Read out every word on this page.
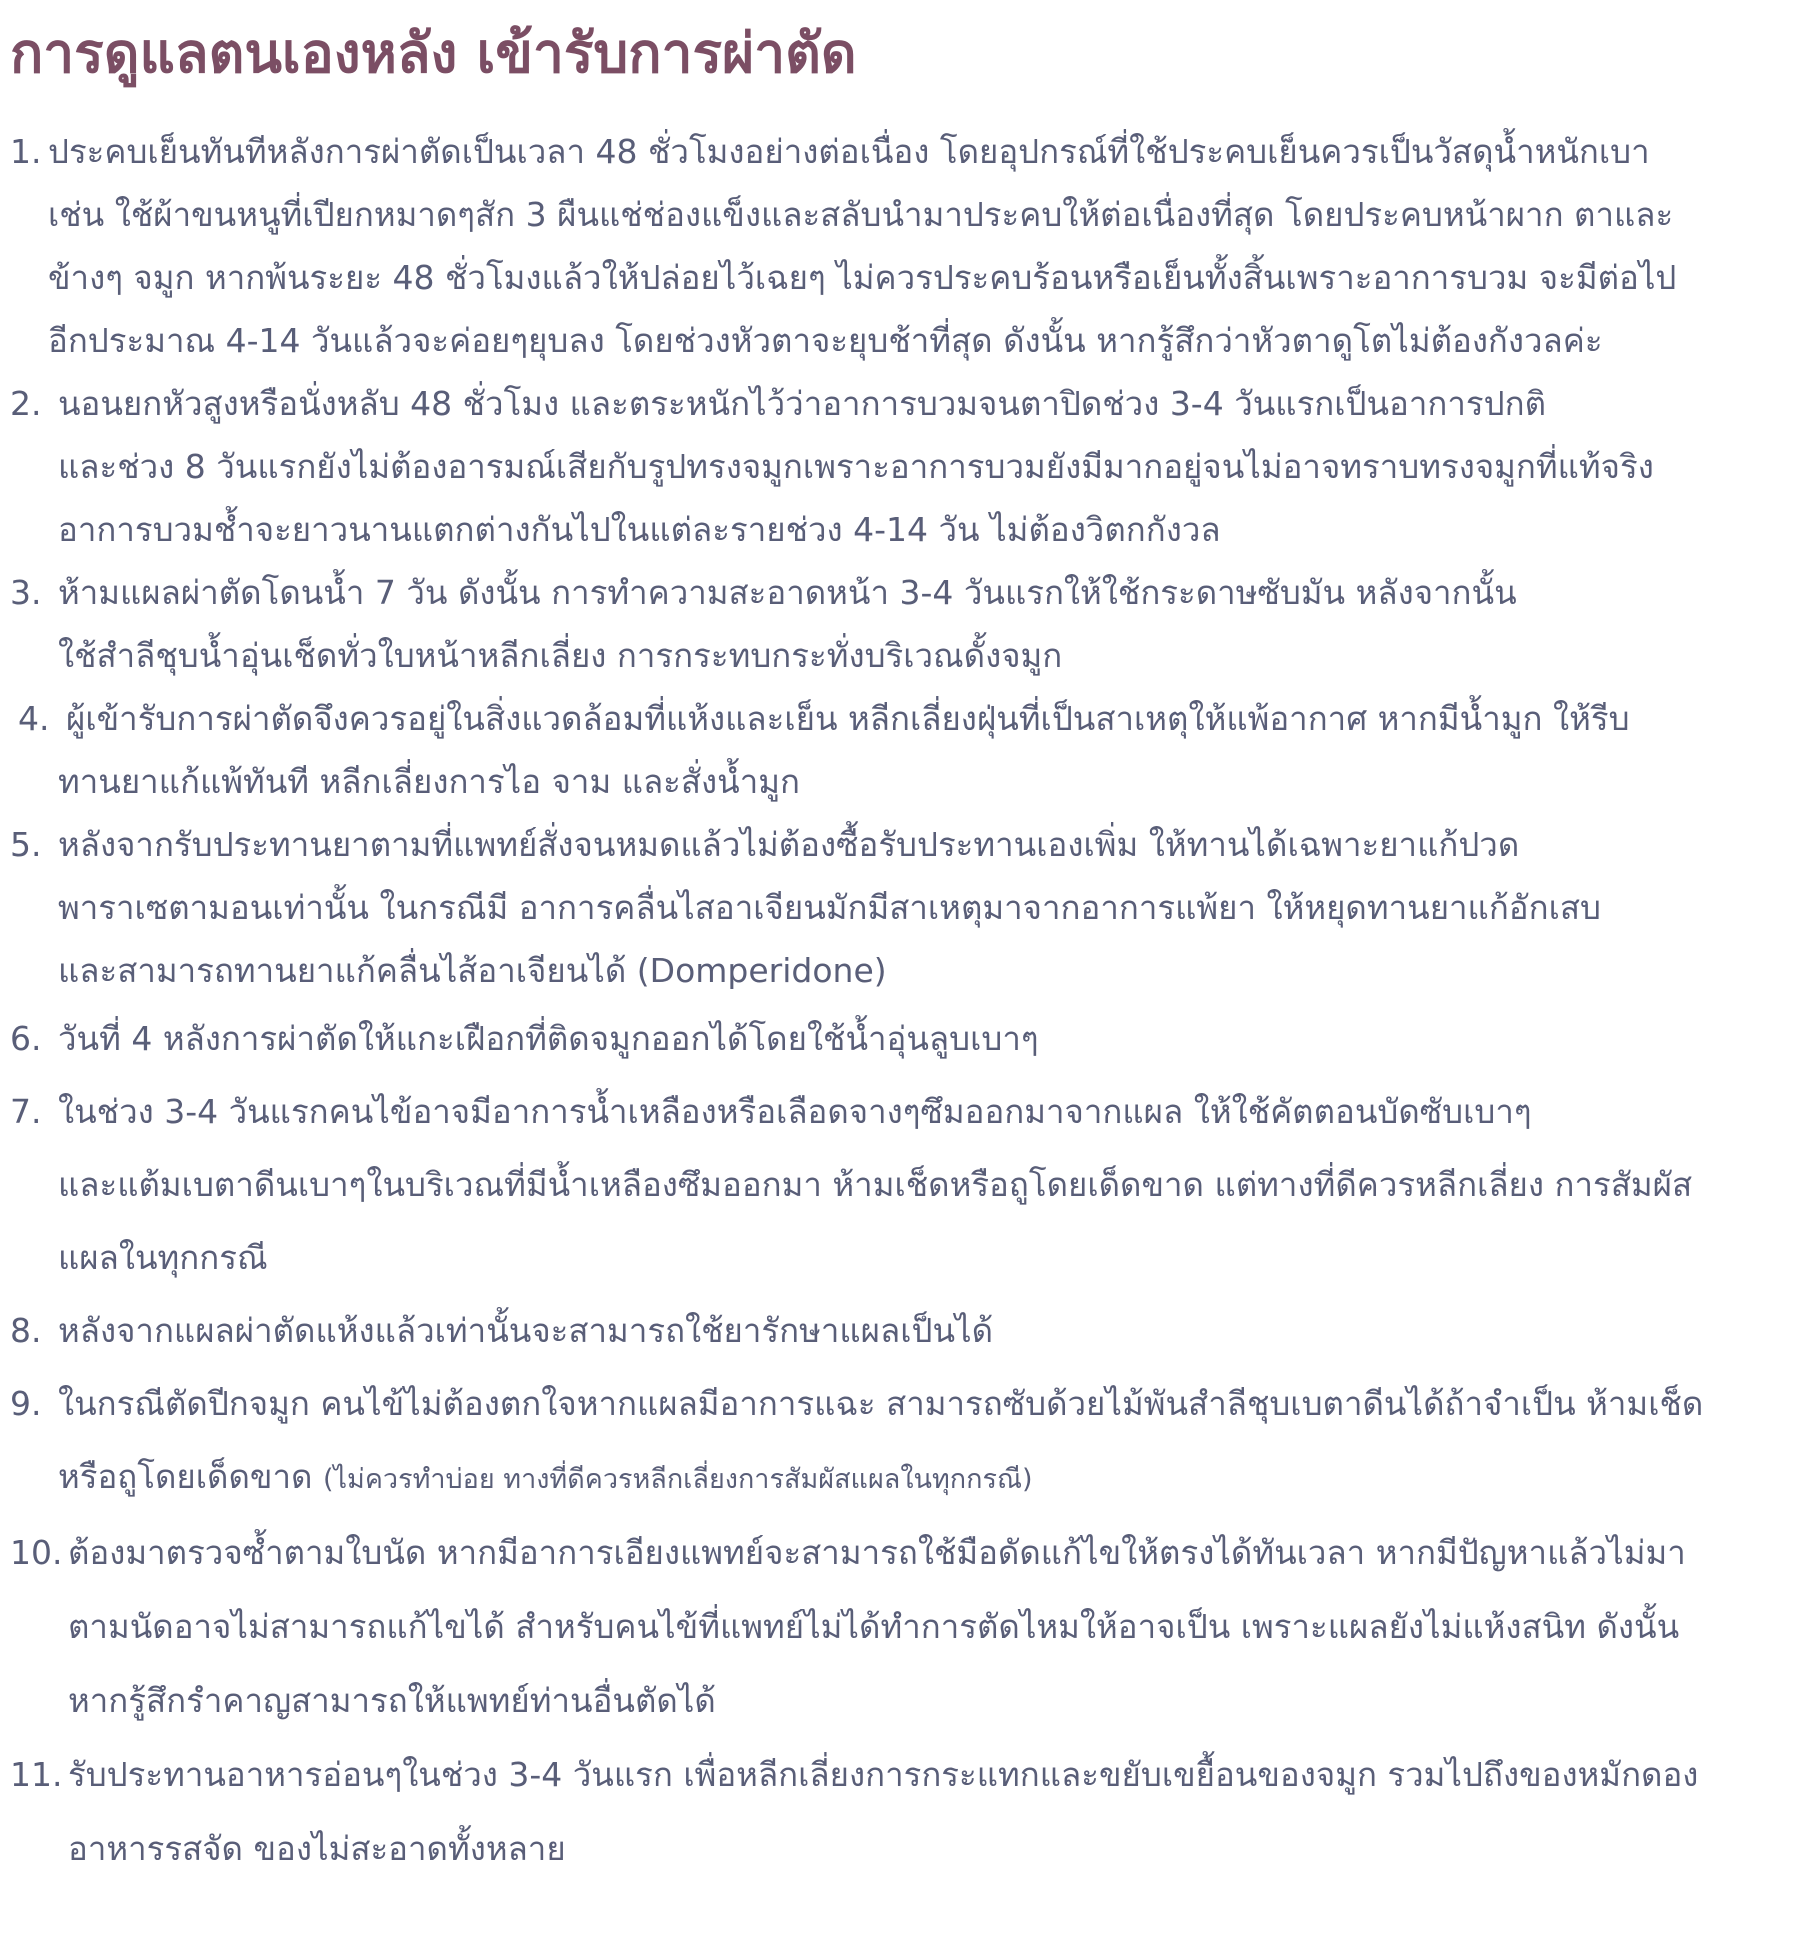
การดูแลตนเองหลัง เข้ารับการผ่าตัด
1. ประคบเย็นทันทีหลังการผ่าตัดเป็นเวลา 48 ชั่วโมงอย่างต่อเนื่อง โดยอุปกรณ์ที่ใช้ประคบเย็นควรเป็นวัสดุน้ำหนักเบา
เช่น ใช้ผ้าขนหนูที่เปียกหมาดๆสัก 3 ผืนแช่ช่องแข็งและสลับนำมาประคบให้ต่อเนื่องที่สุด โดยประคบหน้าผาก ตาและ
ข้างๆ จมูก หากพ้นระยะ 48 ชั่วโมงแล้วให้ปล่อยไว้เฉยๆ ไม่ควรประคบร้อนหรือเย็นทั้งสิ้นเพราะอาการบวม จะมีต่อไป
อีกประมาณ 4-14 วันแล้วจะค่อยๆยุบลง โดยช่วงหัวตาจะยุบช้าที่สุด ดังนั้น หากรู้สึกว่าหัวตาดูโตไม่ต้องกังวลค่ะ
2. นอนยกหัวสูงหรือนั่งหลับ 48 ชั่วโมง และตระหนักไว้ว่าอาการบวมจนตาปิดช่วง 3-4 วันแรกเป็นอาการปกติ
และช่วง 8 วันแรกยังไม่ต้องอารมณ์เสียกับรูปทรงจมูกเพราะอาการบวมยังมีมากอยู่จนไม่อาจทราบทรงจมูกที่แท้จริง
อาการบวมช้ำจะยาวนานแตกต่างกันไปในแต่ละรายช่วง 4-14 วัน ไม่ต้องวิตกกังวล
3. ห้ามแผลผ่าตัดโดนน้ำ 7 วัน ดังนั้น การทำความสะอาดหน้า 3-4 วันแรกให้ใช้กระดาษซับมัน หลังจากนั้น
ใช้สำลีชุบน้ำอุ่นเช็ดทั่วใบหน้าหลีกเลี่ยง การกระทบกระทั่งบริเวณดั้งจมูก
4. ผู้เข้ารับการผ่าตัดจึงควรอยู่ในสิ่งแวดล้อมที่แห้งและเย็น หลีกเลี่ยงฝุ่นที่เป็นสาเหตุให้แพ้อากาศ หากมีน้ำมูก ให้รีบ
ทานยาแก้แพ้ทันที หลีกเลี่ยงการไอ จาม และสั่งน้ำมูก
5. หลังจากรับประทานยาตามที่แพทย์สั่งจนหมดแล้วไม่ต้องซื้อรับประทานเองเพิ่ม ให้ทานได้เฉพาะยาแก้ปวด
พาราเซตามอนเท่านั้น ในกรณีมี อาการคลื่นไสอาเจียนมักมีสาเหตุมาจากอาการแพ้ยา ให้หยุดทานยาแก้อักเสบ
และสามารถทานยาแก้คลื่นไส้อาเจียนได้ (Domperidone)
6. วันที่ 4 หลังการผ่าตัดให้แกะเฝือกที่ติดจมูกออกได้โดยใช้น้ำอุ่นลูบเบาๆ
7. ในช่วง 3-4 วันแรกคนไข้อาจมีอาการน้ำเหลืองหรือเลือดจางๆซึมออกมาจากแผล ให้ใช้คัตตอนบัดซับเบาๆ
และแต้มเบตาดีนเบาๆในบริเวณที่มีน้ำเหลืองซึมออกมา ห้ามเช็ดหรือถูโดยเด็ดขาด แต่ทางที่ดีควรหลีกเลี่ยง การสัมผัส
แผลในทุกกรณี
8. หลังจากแผลผ่าตัดแห้งแล้วเท่านั้นจะสามารถใช้ยารักษาแผลเป็นได้
9. ในกรณีตัดปีกจมูก คนไข้ไม่ต้องตกใจหากแผลมีอาการแฉะ สามารถซับด้วยไม้พันสำลีชุบเบตาดีนได้ถ้าจำเป็น ห้ามเช็ด
หรือถูโดยเด็ดขาด (ไม่ควรทำบ่อย ทางที่ดีควรหลีกเลี่ยงการสัมผัสแผลในทุกกรณี)
10. ต้องมาตรวจซ้ำตามใบนัด หากมีอาการเอียงแพทย์จะสามารถใช้มือดัดแก้ไขให้ตรงได้ทันเวลา หากมีปัญหาแล้วไม่มา
ตามนัดอาจไม่สามารถแก้ไขได้ สำหรับคนไข้ที่แพทย์ไม่ได้ทำการตัดไหมให้อาจเป็น เพราะแผลยังไม่แห้งสนิท ดังนั้น
หากรู้สึกรำคาญสามารถให้แพทย์ท่านอื่นตัดได้
11. รับประทานอาหารอ่อนๆในช่วง 3-4 วันแรก เพื่อหลีกเลี่ยงการกระแทกและขยับเขยื้อนของจมูก รวมไปถึงของหมักดอง
อาหารรสจัด ของไม่สะอาดทั้งหลาย
